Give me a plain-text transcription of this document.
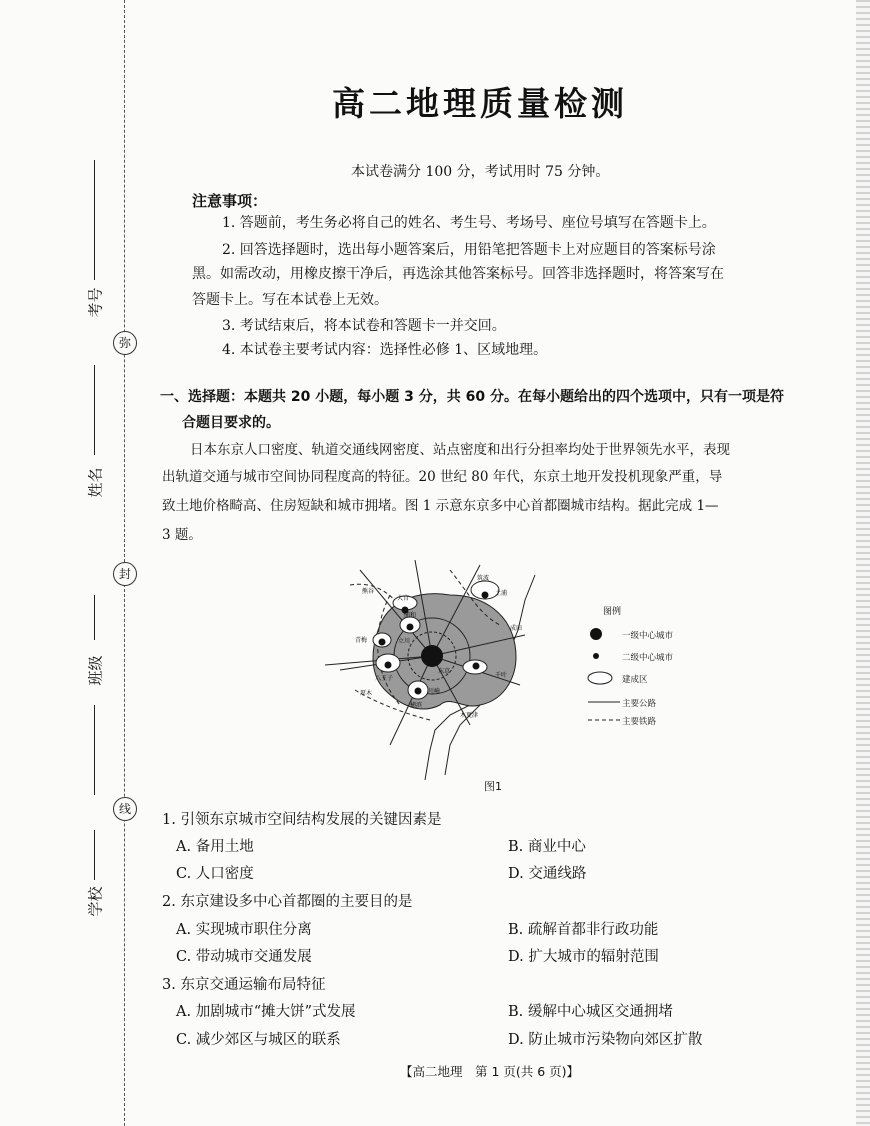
弥
封
线
考号
姓名
班级
学校
高二地理质量检测
本试卷满分 100 分，考试用时 75 分钟。
注意事项：
1. 答题前，考生务必将自己的姓名、考生号、考场号、座位号填写在答题卡上。
2. 回答选择题时，选出每小题答案后，用铅笔把答题卡上对应题目的答案标号涂
黑。如需改动，用橡皮擦干净后，再选涂其他答案标号。回答非选择题时，将答案写在
答题卡上。写在本试卷上无效。
3. 考试结束后，将本试卷和答题卡一并交回。
4. 本试卷主要考试内容：选择性必修 1、区域地理。
一、选择题：本题共 20 小题，每小题 3 分，共 60 分。在每小题给出的四个选项中，只有一项是符
合题目要求的。
日本东京人口密度、轨道交通线网密度、站点密度和出行分担率均处于世界领先水平，表现
出轨道交通与城市空间协同程度高的特征。20 世纪 80 年代，东京土地开发投机现象严重，导
致土地价格畸高、住房短缺和城市拥堵。图 1 示意东京多中心首都圈城市结构。据此完成 1—
3 题。
筑波
土浦
熊谷
大宫
浦和
青梅	立川
成田
千叶
八王子
川崎
横滨
厚木
木更津
东京
图例
一级中心城市
二级中心城市
建成区
主要公路
主要铁路
图1
1. 引领东京城市空间结构发展的关键因素是
A. 备用土地	B. 商业中心
C. 人口密度	D. 交通线路
2. 东京建设多中心首都圈的主要目的是
A. 实现城市职住分离	B. 疏解首都非行政功能
C. 带动城市交通发展	D. 扩大城市的辐射范围
3. 东京交通运输布局特征
A. 加剧城市“摊大饼”式发展	B. 缓解中心城区交通拥堵
C. 减少郊区与城区的联系	D. 防止城市污染物向郊区扩散
【高二地理　第 1 页(共 6 页)】
